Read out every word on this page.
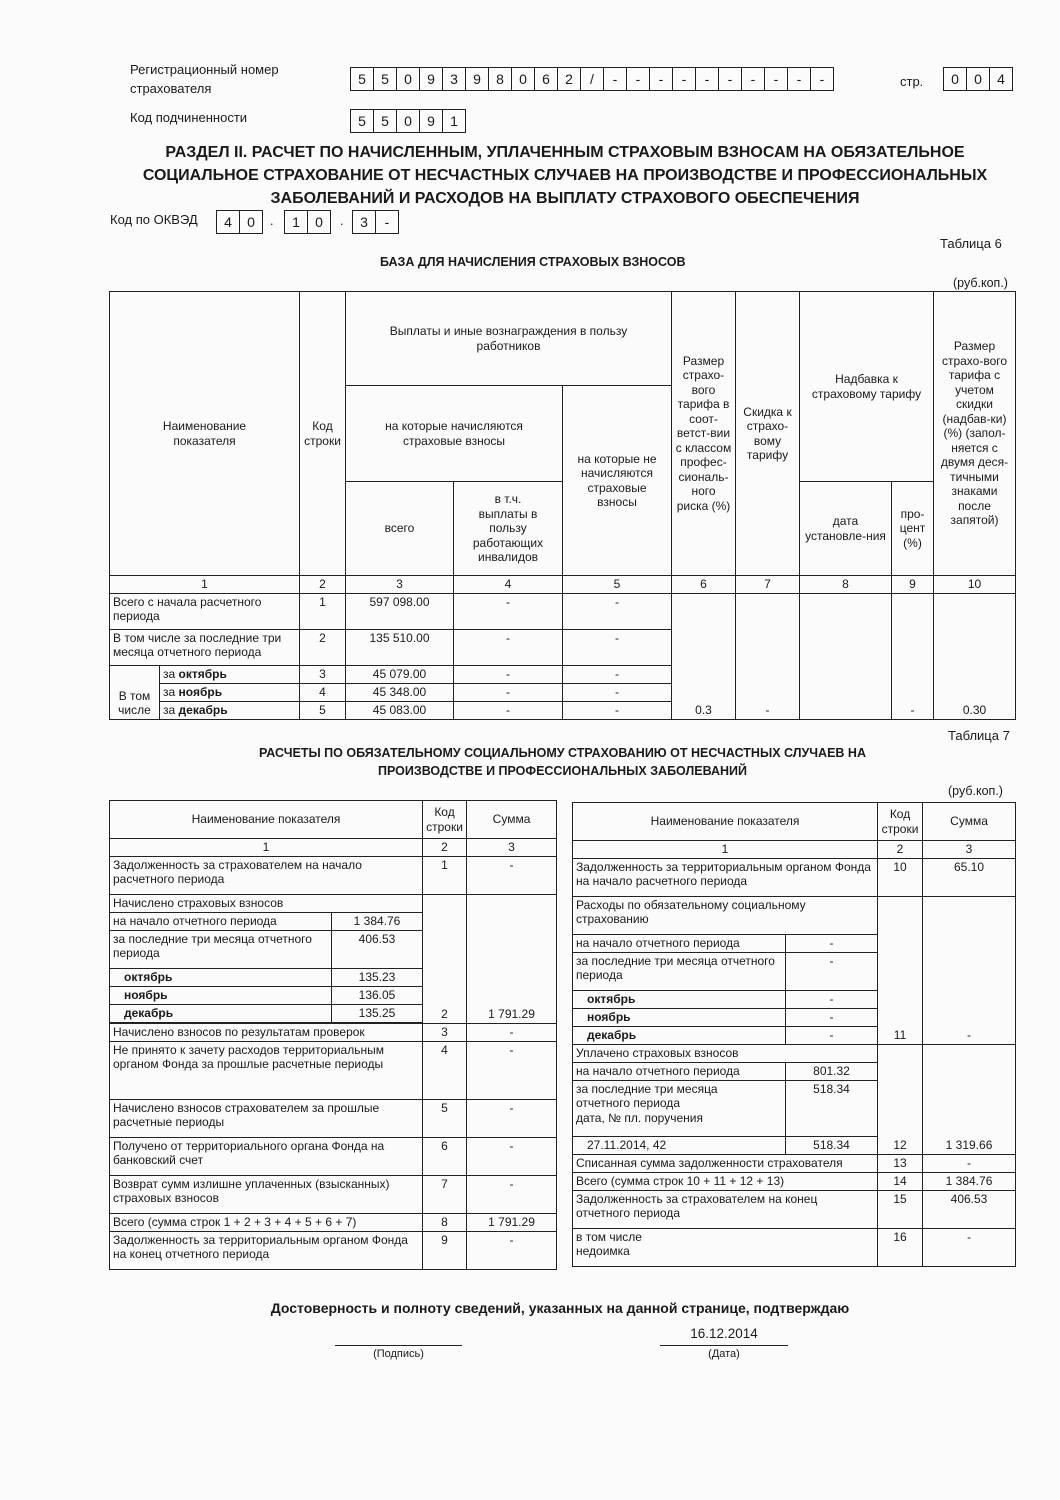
Регистрационный номер
страхователя
5	5	0	9	3	9	8	0	6	2	/	-	-	-	-	-	-	-	-	-	-	стр.	0	0	4
Код подчиненности	5	5	0	9	1
РАЗДЕЛ II. РАСЧЕТ ПО НАЧИСЛЕННЫМ, УПЛАЧЕННЫМ СТРАХОВЫМ ВЗНОСАМ НА ОБЯЗАТЕЛЬНОЕ СОЦИАЛЬНОЕ СТРАХОВАНИЕ ОТ НЕСЧАСТНЫХ СЛУЧАЕВ НА ПРОИЗВОДСТВЕ И ПРОФЕССИОНАЛЬНЫХ ЗАБОЛЕВАНИЙ И РАСХОДОВ НА ВЫПЛАТУ СТРАХОВОГО ОБЕСПЕЧЕНИЯ
Код по ОКВЭД	4	0	.	1	0	.	3	-
Таблица 6
БАЗА ДЛЯ НАЧИСЛЕНИЯ СТРАХОВЫХ ВЗНОСОВ
(руб.коп.)
Наименование показателя		Код строки	Выплаты и иные вознаграждения в пользу работников			Размер страхо-вого тарифа в соот-ветст-вии с классом профес-сиональ-ного риска (%)	Скидка к страхо-вому тарифу	Надбавка к страховому тарифу		Размер страхо-вого тарифа с учетом скидки (надбав-ки) (%) (запол-няется с двумя деся-тичными знаками после запятой)

			на которые начисляются страховые взносы		на которые не начисляются страховые взносы					
			всего	в т.ч. выплаты в пользу работающих инвалидов				дата установле-ния	про-цент (%)	
1		2	3	4	5	6	7	8	9	10
Всего с начала расчетного периода		1	597 098.00	-	-	0.3	-		-	0.30
В том числе за последние три месяца отчетного периода		2	135 510.00	-	-					
В том числе	за октябрь	3	45 079.00	-	-					
	за ноябрь	4	45 348.00	-	-					
	за декабрь	5	45 083.00	-	-					
Таблица 7
РАСЧЕТЫ ПО ОБЯЗАТЕЛЬНОМУ СОЦИАЛЬНОМУ СТРАХОВАНИЮ ОТ НЕСЧАСТНЫХ СЛУЧАЕВ НА ПРОИЗВОДСТВЕ И ПРОФЕССИОНАЛЬНЫХ ЗАБОЛЕВАНИЙ
(руб.коп.)
Наименование показателя		Код строки	Сумма
1		2	3
Задолженность за страхователем на начало расчетного периода		1	-
Начислено страховых взносов		2	1 791.29
на начало отчетного периода	1 384.76		
за последние три месяца отчетного периода	406.53		
октябрь	135.23		
ноябрь	136.05		
декабрь	135.25		

Начислено взносов по результатам проверок		3	-
Не принято к зачету расходов территориальным органом Фонда за прошлые расчетные периоды		4	-
Начислено взносов страхователем за прошлые расчетные периоды		5	-
Получено от территориального органа Фонда на банковский счет		6	-
Возврат сумм излишне уплаченных (взысканных) страховых взносов		7	-
Всего (сумма строк 1 + 2 + 3 + 4 + 5 + 6 + 7)		8	1 791.29
Задолженность за территориальным органом Фонда на конец отчетного периода		9	-
Наименование показателя		Код строки	Сумма
1		2	3
Задолженность за территориальным органом Фонда на начало расчетного периода		10	65.10
Расходы по обязательному социальному страхованию		11	-
на начало отчетного периода	-		
за последние три месяца отчетного периода	-		
октябрь	-		
ноябрь	-		
декабрь	-		
Уплачено страховых взносов		12	1 319.66
на начало отчетного периода	801.32		

за последние три месяца отчетного периода
дата, № пл. поручения	518.34		
27.11.2014, 42	518.34		
Списанная сумма задолженности страхователя		13	-
Всего (сумма строк 10 + 11 + 12 + 13)		14	1 384.76
Задолженность за страхователем на конец отчетного периода		15	406.53

в том числе недоимка		16	-
Достоверность и полноту сведений, указанных на данной странице, подтверждаю
16.12.2014
(Подпись)	(Дата)
